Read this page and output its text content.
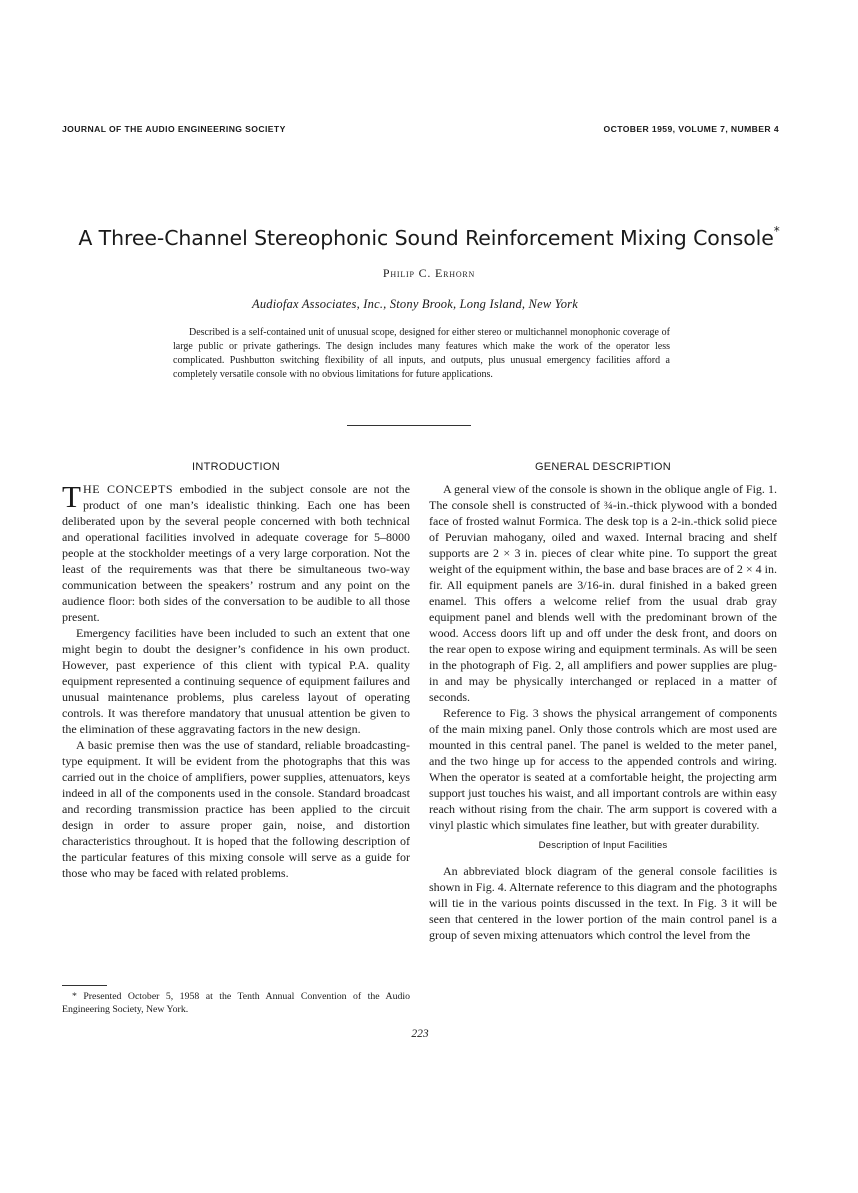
JOURNAL OF THE AUDIO ENGINEERING SOCIETY	OCTOBER 1959, VOLUME 7, NUMBER 4
A Three-Channel Stereophonic Sound Reinforcement Mixing Console*
Philip C. Erhorn
Audiofax Associates, Inc., Stony Brook, Long Island, New York

Described is a self-contained unit of unusual scope, designed for either stereo or multichannel monophonic coverage of large public or private gatherings. The design includes many features which make the work of the operator less complicated. Pushbutton switching flexibility of all inputs, and outputs, plus unusual emergency facilities afford a completely versatile console with no obvious limitations for future applications.

INTRODUCTION

THE CONCEPTS embodied in the subject console are not the product of one man’s idealistic thinking. Each one has been deliberated upon by the several people concerned with both technical and operational facilities involved in adequate coverage for 5–8000 people at the stockholder meetings of a very large corporation. Not the least of the requirements was that there be simultaneous two-way communication between the speakers’ rostrum and any point on the audience floor: both sides of the conversation to be audible to all those present.

Emergency facilities have been included to such an extent that one might begin to doubt the designer’s confidence in his own product. However, past experience of this client with typical P.A. quality equipment represented a continuing sequence of equipment failures and unusual maintenance problems, plus careless layout of operating controls. It was therefore mandatory that unusual attention be given to the elimination of these aggravating factors in the new design.

A basic premise then was the use of standard, reliable broadcasting-type equipment. It will be evident from the photographs that this was carried out in the choice of amplifiers, power supplies, attenuators, keys indeed in all of the components used in the console. Standard broadcast and recording transmission practice has been applied to the circuit design in order to assure proper gain, noise, and distortion characteristics throughout. It is hoped that the following description of the particular features of this mixing console will serve as a guide for those who may be faced with related problems.

* Presented October 5, 1958 at the Tenth Annual Convention of the Audio Engineering Society, New York.
GENERAL DESCRIPTION

A general view of the console is shown in the oblique angle of Fig. 1. The console shell is constructed of ¾-in.-thick plywood with a bonded face of frosted walnut Formica. The desk top is a 2-in.-thick solid piece of Peruvian mahogany, oiled and waxed. Internal bracing and shelf supports are 2 × 3 in. pieces of clear white pine. To support the great weight of the equipment within, the base and base braces are of 2 × 4 in. fir. All equipment panels are 3/16-in. dural finished in a baked green enamel. This offers a welcome relief from the usual drab gray equipment panel and blends well with the predominant brown of the wood. Access doors lift up and off under the desk front, and doors on the rear open to expose wiring and equipment terminals. As will be seen in the photograph of Fig. 2, all amplifiers and power supplies are plug-in and may be physically interchanged or replaced in a matter of seconds.

Reference to Fig. 3 shows the physical arrangement of components of the main mixing panel. Only those controls which are most used are mounted in this central panel. The panel is welded to the meter panel, and the two hinge up for access to the appended controls and wiring. When the operator is seated at a comfortable height, the projecting arm support just touches his waist, and all important controls are within easy reach without rising from the chair. The arm support is covered with a vinyl plastic which simulates fine leather, but with greater durability.

Description of Input Facilities

An abbreviated block diagram of the general console facilities is shown in Fig. 4. Alternate reference to this diagram and the photographs will tie in the various points discussed in the text. In Fig. 3 it will be seen that centered in the lower portion of the main control panel is a group of seven mixing attenuators which control the level from the

223
